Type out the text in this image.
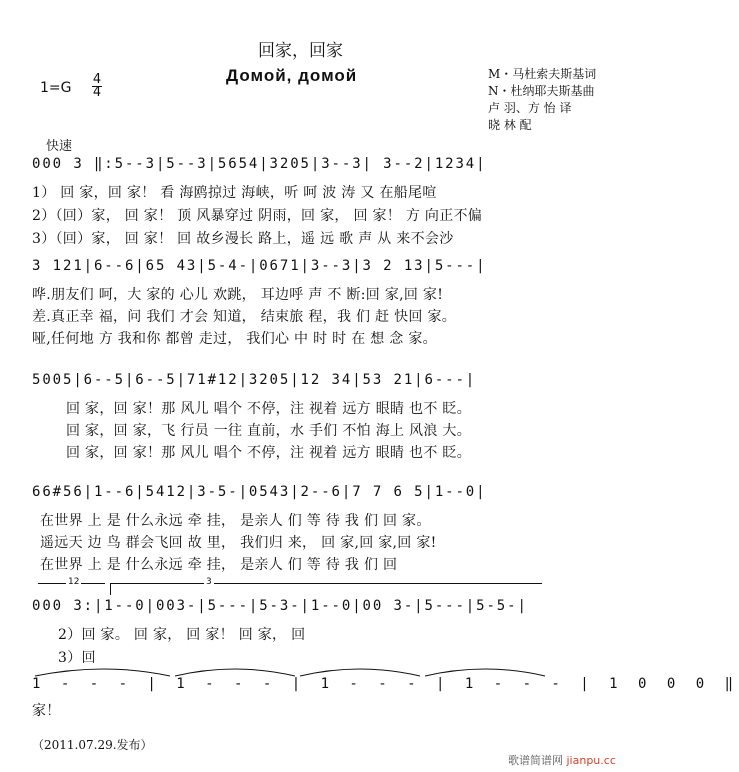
回家，回家
Домой, домой	M・马杜索夫斯基词
N・杜纳耶夫斯基曲
卢 羽、方 怡 译
晓 林 配
1=G
4
4
快速
000 3 ‖:5--3|5--3|5654|3205|3--3| 3--2|1234|
1） 回 家，回 家！ 看 海鸥掠过 海峡，听 呵 波 涛 又 在船尾喧
2）（回）家， 回 家！ 顶 风暴穿过 阴雨，回 家， 回 家！ 方 向正不偏
3）（回）家， 回 家！ 回 故乡漫长 路上，遥 远 歌 声 从 来不会沙
3 121|6--6|65 43|5-4-|0671|3--3|3 2 13|5---|
哗.朋友们 呵，大 家的 心儿 欢跳， 耳边呼 声 不 断:回 家,回 家!
差.真正幸 福，问 我们 才会 知道， 结束旅 程，我 们 赶 快回 家。
哑,任何地 方 我和你 都曾 走过， 我们心 中 时 时 在 想 念 家。
5005|6--5|6--5|71#12|3205|12 34|53 21|6---|
回 家，回 家！那 风儿 唱个 不停，注 视着 远方 眼睛 也不 眨。
回 家，回 家，飞 行员 一往 直前，水 手们 不怕 海上 风浪 大。
回 家，回 家！那 风儿 唱个 不停，注 视着 远方 眼睛 也不 眨。
66#56|1--6|5412|3-5-|0543|2--6|7 7 6 5|1--0|
在世界 上 是 什么永远 牵 挂， 是亲人 们 等 待 我 们 回 家。
遥远天 边 鸟 群会飞回 故 里， 我们归 来， 回 家,回 家,回 家!
在世界 上 是 什么永远 牵 挂， 是亲人 们 等 待 我 们 回
12	3
000 3:|1--0|003-|5---|5-3-|1--0|00 3-|5---|5-5-|
2）回 家。 回 家， 回 家！ 回 家， 回
3）回
1 - - - | 1 - - - | 1 - - - | 1 - - - | 1 0 0 0 ‖
家！
（2011.07.29.发布）
歌谱简谱网 jianpu.cc
